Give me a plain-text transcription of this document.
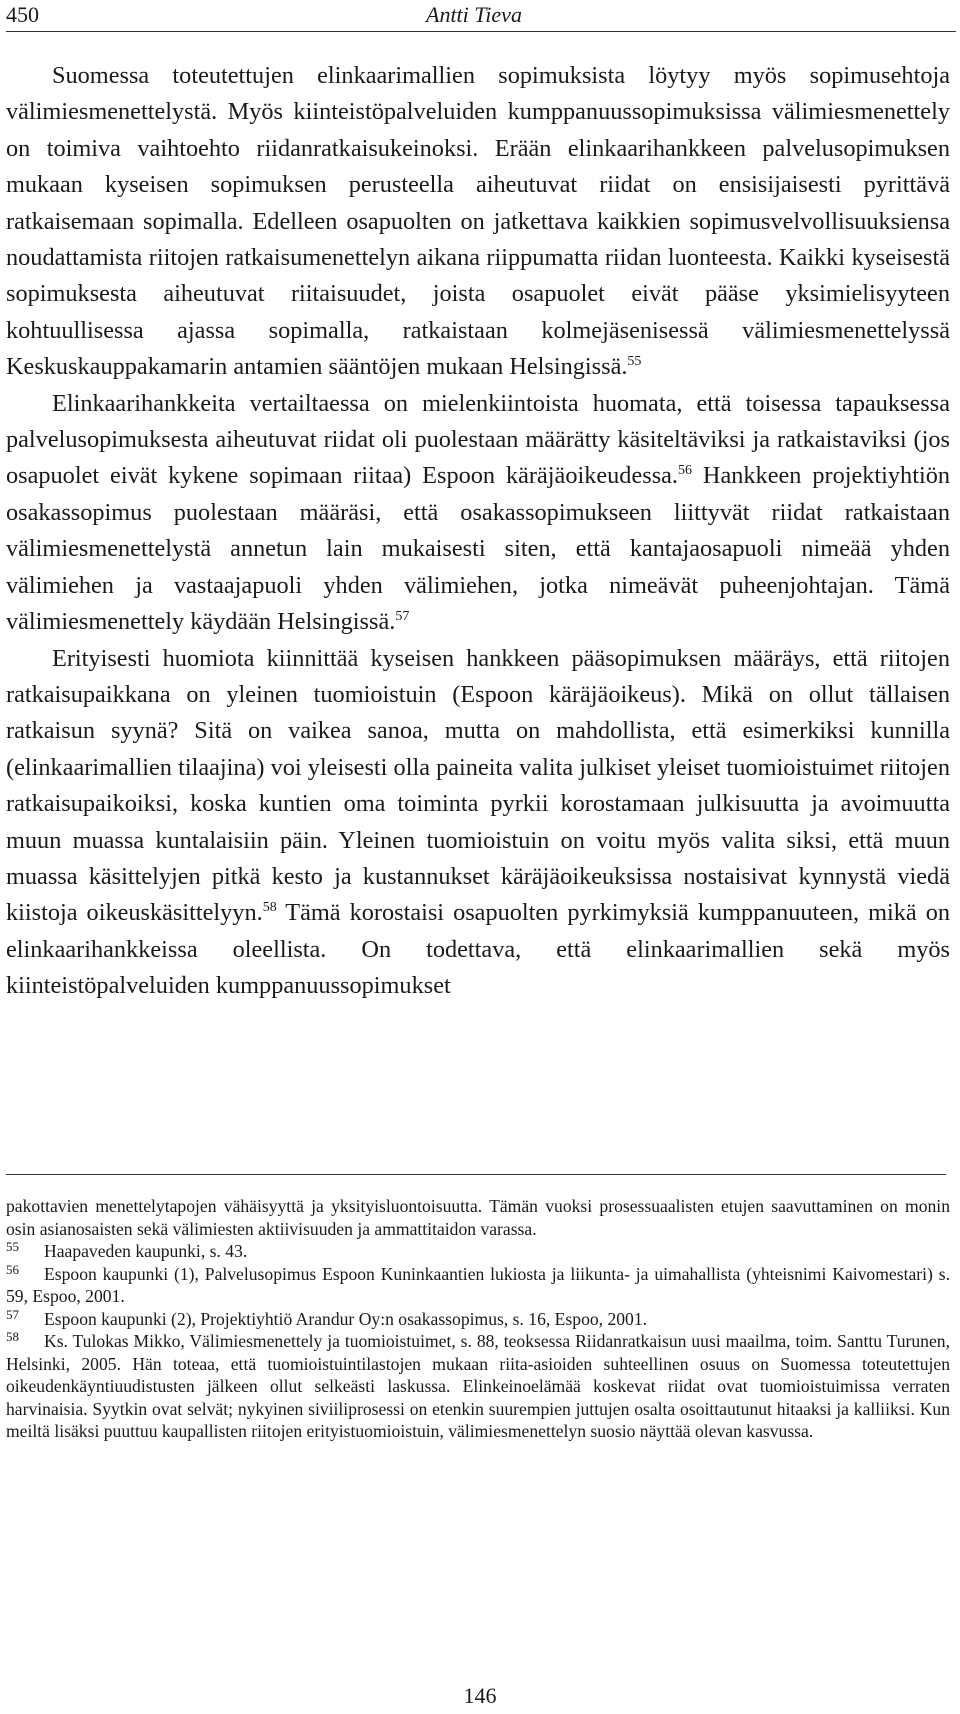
450	Antti Tieva

Suomessa toteutettujen elinkaarimallien sopimuksista löytyy myös sopimusehtoja välimiesmenettelystä. Myös kiinteistöpalveluiden kumppanuussopimuksissa välimiesmenettely on toimiva vaihtoehto riidanratkaisukeinoksi. Erään elinkaarihankkeen palvelusopimuksen mukaan kyseisen sopimuksen perusteella aiheutuvat riidat on ensisijaisesti pyrittävä ratkaisemaan sopimalla. Edelleen osapuolten on jatkettava kaikkien sopimusvelvollisuuksiensa noudattamista riitojen ratkaisumenettelyn aikana riippumatta riidan luonteesta. Kaikki kyseisestä sopimuksesta aiheutuvat riitaisuudet, joista osapuolet eivät pääse yksimielisyyteen kohtuullisessa ajassa sopimalla, ratkaistaan kolmejäsenisessä välimiesmenettelyssä Keskuskauppakamarin antamien sääntöjen mukaan Helsingissä.$^{55}$

Elinkaarihankkeita vertailtaessa on mielenkiintoista huomata, että toisessa tapauksessa palvelusopimuksesta aiheutuvat riidat oli puolestaan määrätty käsiteltäviksi ja ratkaistaviksi (jos osapuolet eivät kykene sopimaan riitaa) Espoon käräjäoikeudessa.$^{56}$ Hankkeen projektiyhtiön osakassopimus puolestaan määräsi, että osakassopimukseen liittyvät riidat ratkaistaan välimiesmenettelystä annetun lain mukaisesti siten, että kantajaosapuoli nimeää yhden välimiehen ja vastaajapuoli yhden välimiehen, jotka nimeävät puheenjohtajan. Tämä välimiesmenettely käydään Helsingissä.$^{57}$

Erityisesti huomiota kiinnittää kyseisen hankkeen pääsopimuksen määräys, että riitojen ratkaisupaikkana on yleinen tuomioistuin (Espoon käräjäoikeus). Mikä on ollut tällaisen ratkaisun syynä? Sitä on vaikea sanoa, mutta on mahdollista, että esimerkiksi kunnilla (elinkaarimallien tilaajina) voi yleisesti olla paineita valita julkiset yleiset tuomioistuimet riitojen ratkaisupaikoiksi, koska kuntien oma toiminta pyrkii korostamaan julkisuutta ja avoimuutta muun muassa kuntalaisiin päin. Yleinen tuomioistuin on voitu myös valita siksi, että muun muassa käsittelyjen pitkä kesto ja kustannukset käräjäoikeuksissa nostaisivat kynnystä viedä kiistoja oikeuskäsittelyyn.$^{58}$ Tämä korostaisi osapuolten pyrkimyksiä kumppanuuteen, mikä on elinkaarihankkeissa oleellista. On todettava, että elinkaarimallien sekä myös kiinteistöpalveluiden kumppanuussopimukset

pakottavien menettelytapojen vähäisyyttä ja yksityisluontoisuutta. Tämän vuoksi prosessuaalisten etujen saavuttaminen on monin osin asianosaisten sekä välimiesten aktiivisuuden ja ammattitaidon varassa.

55 Haapaveden kaupunki, s. 43.

56 Espoon kaupunki (1), Palvelusopimus Espoon Kuninkaantien lukiosta ja liikunta- ja uimahallista (yhteisnimi Kaivomestari) s. 59, Espoo, 2001.

57 Espoon kaupunki (2), Projektiyhtiö Arandur Oy:n osakassopimus, s. 16, Espoo, 2001.

58 Ks. Tulokas Mikko, Välimiesmenettely ja tuomioistuimet, s. 88, teoksessa Riidanratkaisun uusi maailma, toim. Santtu Turunen, Helsinki, 2005. Hän toteaa, että tuomioistuintilastojen mukaan riita-asioiden suhteellinen osuus on Suomessa toteutettujen oikeudenkäyntiuudistusten jälkeen ollut selkeästi laskussa. Elinkeinoelämää koskevat riidat ovat tuomioistuimissa verraten harvinaisia. Syytkin ovat selvät; nykyinen siviiliprosessi on etenkin suurempien juttujen osalta osoittautunut hitaaksi ja kalliiksi. Kun meiltä lisäksi puuttuu kaupallisten riitojen erityistuomioistuin, välimiesmenettelyn suosio näyttää olevan kasvussa.

146
